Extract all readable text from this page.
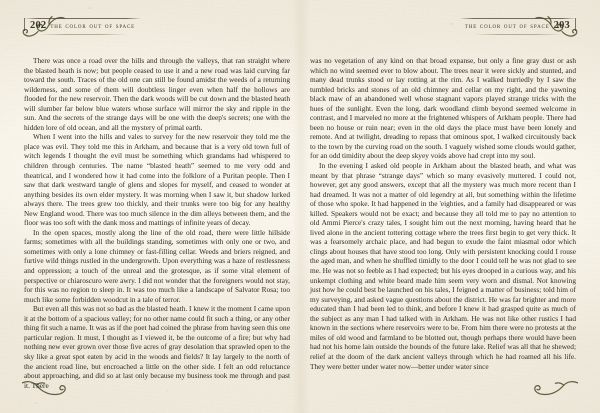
202 the color out of space	the color out of space 203

There was once a road over the hills and through the valleys, that ran straight where the blasted heath is now; but people ceased to use it and a new road was laid curving far toward the south. Traces of the old one can still be found amidst the weeds of a returning wilderness, and some of them will doubtless linger even when half the hollows are flooded for the new reservoir. Then the dark woods will be cut down and the blasted heath will slumber far below blue waters whose surface will mirror the sky and ripple in the sun. And the secrets of the strange days will be one with the deep's secrets; one with the hidden lore of old ocean, and all the mystery of primal earth.

When I went into the hills and vales to survey for the new reservoir they told me the place was evil. They told me this in Arkham, and because that is a very old town full of witch legends I thought the evil must be something which grandams had whispered to children through centuries. The name “blasted heath” seemed to me very odd and theatrical, and I wondered how it had come into the folklore of a Puritan people. Then I saw that dark westward tangle of glens and slopes for myself, and ceased to wonder at anything besides its own elder mystery. It was morning when I saw it, but shadow lurked always there. The trees grew too thickly, and their trunks were too big for any healthy New England wood. There was too much silence in the dim alleys between them, and the floor was too soft with the dank moss and mattings of infinite years of decay.

In the open spaces, mostly along the line of the old road, there were little hillside farms; sometimes with all the buildings standing, sometimes with only one or two, and sometimes with only a lone chimney or fast-filling cellar. Weeds and briers reigned, and furtive wild things rustled in the undergrowth. Upon everything was a haze of restlessness and oppression; a touch of the unreal and the grotesque, as if some vital element of perspective or chiaroscuro were awry. I did not wonder that the foreigners would not stay, for this was no region to sleep in. It was too much like a landscape of Salvator Rosa; too much like some forbidden woodcut in a tale of terror.

But even all this was not so bad as the blasted heath. I knew it the moment I came upon it at the bottom of a spacious valley; for no other name could fit such a thing, or any other thing fit such a name. It was as if the poet had coined the phrase from having seen this one particular region. It must, I thought as I viewed it, be the outcome of a fire; but why had nothing new ever grown over those five acres of gray desolation that sprawled open to the sky like a great spot eaten by acid in the woods and fields? It lay largely to the north of the ancient road line, but encroached a little on the other side. I felt an odd reluctance about approaching, and did so at last only because my business took me through and past it. There

was no vegetation of any kind on that broad expanse, but only a fine gray dust or ash which no wind seemed ever to blow about. The trees near it were sickly and stunted, and many dead trunks stood or lay rotting at the rim. As I walked hurriedly by I saw the tumbled bricks and stones of an old chimney and cellar on my right, and the yawning black maw of an abandoned well whose stagnant vapors played strange tricks with the hues of the sunlight. Even the long, dark woodland climb beyond seemed welcome in contrast, and I marveled no more at the frightened whispers of Arkham people. There had been no house or ruin near; even in the old days the place must have been lonely and remote. And at twilight, dreading to repass that ominous spot, I walked circuitously back to the town by the curving road on the south. I vaguely wished some clouds would gather, for an odd timidity about the deep skyey voids above had crept into my soul.

In the evening I asked old people in Arkham about the blasted heath, and what was meant by that phrase “strange days” which so many evasively muttered. I could not, however, get any good answers, except that all the mystery was much more recent than I had dreamed. It was not a matter of old legendry at all, but something within the lifetime of those who spoke. It had happened in the 'eighties, and a family had disappeared or was killed. Speakers would not be exact; and because they all told me to pay no attention to old Ammi Pierce's crazy tales, I sought him out the next morning, having heard that he lived alone in the ancient tottering cottage where the trees first begin to get very thick. It was a fearsomely archaic place, and had begun to exude the faint miasmal odor which clings about houses that have stood too long. Only with persistent knocking could I rouse the aged man, and when he shuffled timidly to the door I could tell he was not glad to see me. He was not so feeble as I had expected; but his eyes drooped in a curious way, and his unkempt clothing and white beard made him seem very worn and dismal. Not knowing just how he could best be launched on his tales, I feigned a matter of business; told him of my surveying, and asked vague questions about the district. He was far brighter and more educated than I had been led to think, and before I knew it had grasped quite as much of the subject as any man I had talked with in Arkham. He was not like other rustics I had known in the sections where reservoirs were to be. From him there were no protests at the miles of old wood and farmland to be blotted out, though perhaps there would have been had not his home lain outside the bounds of the future lake. Relief was all that he shewed; relief at the doom of the dark ancient valleys through which he had roamed all his life. They were better under water now—better under water since
